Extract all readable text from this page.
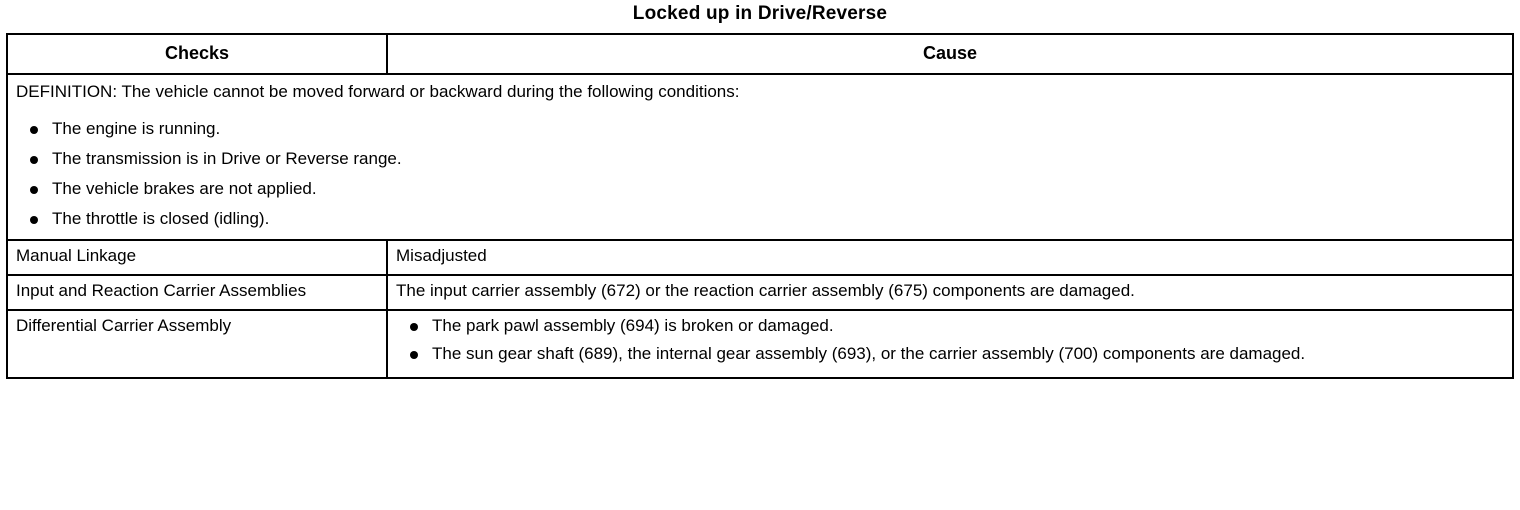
Locked up in Drive/Reverse
Checks	Cause

DEFINITION: The vehicle cannot be moved forward or backward during the following conditions:

The engine is running.
The transmission is in Drive or Reverse range.
The vehicle brakes are not applied.
The throttle is closed (idling).

Manual Linkage	Misadjusted
Input and Reaction Carrier Assemblies	The input carrier assembly (672) or the reaction carrier assembly (675) components are damaged.
Differential Carrier Assembly	The park pawl assembly (694) is broken or damaged.
The sun gear shaft (689), the internal gear assembly (693), or the carrier assembly (700) components are damaged.
